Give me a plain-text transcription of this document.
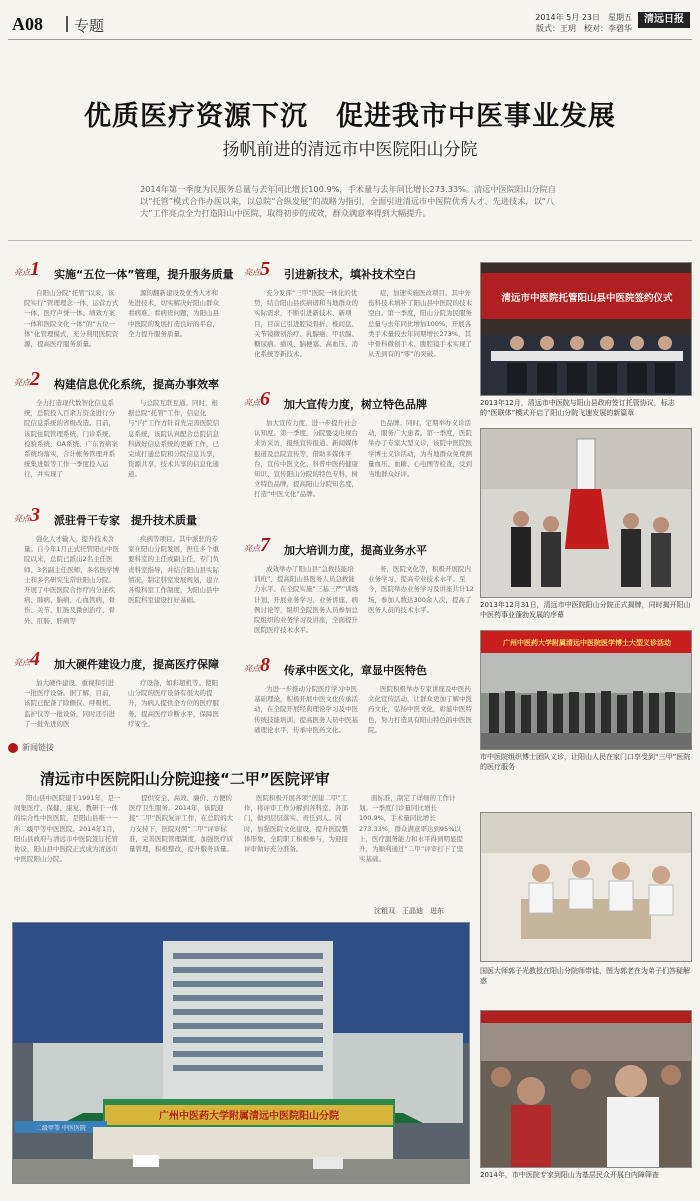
A08 专题	2014年 5月 23日　星期五
版式：王玥　校对：李碧华
清远日报
优质医疗资源下沉　促进我市中医事业发展
扬帆前进的清远市中医院阳山分院
2014年第一季度为民服务总量与去年同比增长100.9%，手术量与去年同比增长273.33%。清远中医院阳山分院自以“托管”模式合作办医以来，以总院“合纵发展”的战略为指引，全面引进清远市中医院优秀人才、先进技术，以“八大”工作亮点全力打造阳山中医院，取得初步的成效，群众满意率得到大幅提升。
亮点 1 实施“五位一体”管理，提升服务质量
自阳山分院“托管”以来，该院实行“管理理念一体、运营方式一体、医疗声誉一体、绩效方案一体和医院文化一体”的“五位一体”化管理模式，充分利用医院资源，提高医疗服务质量。
源的翻新建设及优秀人才和先进技术，切实解决好阳山群众看病难、看病贵问题，为阳山县中医院的发展打造良好的平台，全力提升服务质量。
亮点 2 构建信息优化系统，提高办事效率
全力打造现代数智化信息系统，总院投入百余万资金进行分院信息系统的省级改造。目前，该院住院管理系统、门诊系统、检验系统、OA系统、广东省病案系统均落实，合计帐务管理并系统集进版等工作一季度投入运行，并实现了
与总院互联互通。同时，根据总院“托管”工作，信息化与“内”工作方针首先完善医院信息系统，该院认真配合总院信息科做好信息系统的更新工作，已完成打通总院和分院信息共享，资源共享，技术共享的信息化通道。
亮点 3 派驻骨干专家　提升技术质量
强化人才输入，提升技术含量。自今年1月正式托管阳山中医院以来，总院已派出2名主任医师、3名副主任医师、多名医学博士和多名研究生常驻阳山分院。开展了中医医院合作疗内分泌疾病、肺病、脑病、心血管病、骨伤、关节、肛肠及微创治疗、骨外、肛肠、肝病等
疾病等项目。其中派驻的专家在阳山分院发展，担任多个重要科室的主任或副主任，专门负责科室指导，并结合阳山县实际情况，制定科室发展规划，建立各级科室工作制度，为阳山县中医院科室建设打好基础。
亮点 4 加大硬件建设力度，提高医疗保障
加大硬件建设，重视和引进一批医疗设备。据了解，目前，该院已配备了除颤仪、呼吸机、监护仪等一批设备，同时还引进了一批先进的医
疗设备，如彩超机等。使阳山分院的医疗设备有很大的提升，为病人提供全方位的医疗服务，提高医疗诊断水平，保障医疗安全。
亮点 5 引进新技术，填补技术空白
充分发挥“三甲”医院一体化的优势，结合阳山县疾病谱和当地群众的实际需求，不断引进新技术、新项目，目前已引进腔镜骨折、椎间盘、关节镜微创治疗、乳腺癌、甲状腺、糖尿病、痛风、脑梗塞、高血压、消化系统等新技术。
症，加速实施医改项目。其中外伤科技术填补了阳山县中医院的技术空白。第一季度，阳山分院为民服务总量与去年同比增加100%，开展各类手术量较去年同期增长273%，其中骨科微创手术、腹腔镜手术实现了从无到有的“零”的突破。
亮点 6 加大宣传力度，树立特色品牌
加大宣传力度，进一步提升社会认知度。第一季度，分院要受电视台来访采访，报纸宣传报道、新闻媒体报道及总院宣传等，借助多媒体平台，宣传中医文化、科普中医药健康知识、宣传阳山分院的特色专科，树立特色品牌，提高阳山分院知名度，打造“中医文化”品牌。
色品牌。同时，定期举办义诊活动，服务广大患者。第一季度，医院举办了专家大型义诊，该院中医院医学博士义诊活动，为当地群众免费测量血压、血糖、心电图等检查，受到当地群众好评。
亮点 7 加大培训力度，提高业务水平
成效举办了阳山县“急救技能培训班”，提高阳山县医务人员急救能力水平。在全院实施“三基三严”训练计划，开展业务学习、业务讲座、病例讨论等，组织全院医务人员参加总院组织的业务学习及讲座，全面提升医院医疗技术水平。
务，医院文化等，积极开展院内业务学习，提高专业技术水平。至今，医院举办业务学习及讲座共计12场，参加人数达300余人次，提高了医务人员的技术水平。
亮点 8 传承中医文化，章显中医特色
为进一步推动分院医疗学习中医基础理论，积极开展中医文化传承活动，在全院开展经典理论学习及中医传统技能培训，提高医务人员中医基础理论水平，传承中医药文化。
医院积极举办专家讲座及中医药文化宣传活动，让群众更加了解中医药文化，弘扬中医文化，彰显中医特色，努力打造具有阳山特色的中医医院。
清远市中医院托管阳山县中医院签约仪式
2013年12月，清远市中医院与阳山县政府签订托管协议，标志的“医联体”模式开启了阳山分院飞速发展的新篇章
2013年12月31日，清远市中医院阳山分院正式揭牌，同时揭开阳山中医药事业蓬勃发展的序幕
广州中医药大学附属清远中医院医学博士大型义诊活动
市中医院组织博士团队义诊，让阳山人民在家门口享受到“三甲”医院的医疗服务
国医大师郭子光教授在阳山分院师带徒，图为郭老在为弟子们答疑解惑
2014年，市中医院专家到阳山为基层民众开展白内障筛查
新闻链接
清远市中医院阳山分院迎接“二甲”医院评审
阳山县中医院建于1991年，是一间集医疗、保健、康复、教研于一体的综合性中医医院，是阳山县唯一一所二级甲等中医医院。2014年1月，阳山县政府与清远市中医院签订托管协议，阳山县中医院正式成为清远市中医院阳山分院。
提供安全、高效、廉价、方便的医疗卫生服务。2014年，该院迎接“二甲”医院复评工作，在总院的大力支持下，医院对照“二甲”评审标准，完善医院管理制度，加强医疗质量管理，积极整改，提升服务质量。
医院积极开展各项“创建二甲”工作，将评审工作分解到各科室、各部门，做到层层落实、责任到人。同时，加强医院文化建设，提升医院整体形象，全院职工积极参与，为迎接评审做好充分准备。
面标准，制定了详细的工作计划。一季度门诊量同比增长100.9%，手术量同比增长273.33%，群众满意率达到95%以上，医疗服务能力和水平得到明显提升，为顺利通过“二甲”评审打下了坚实基础。
沈粗双　王晶迪　进东
广州中医药大学附属清远中医院阳山分院
二级甲等 中医医院
